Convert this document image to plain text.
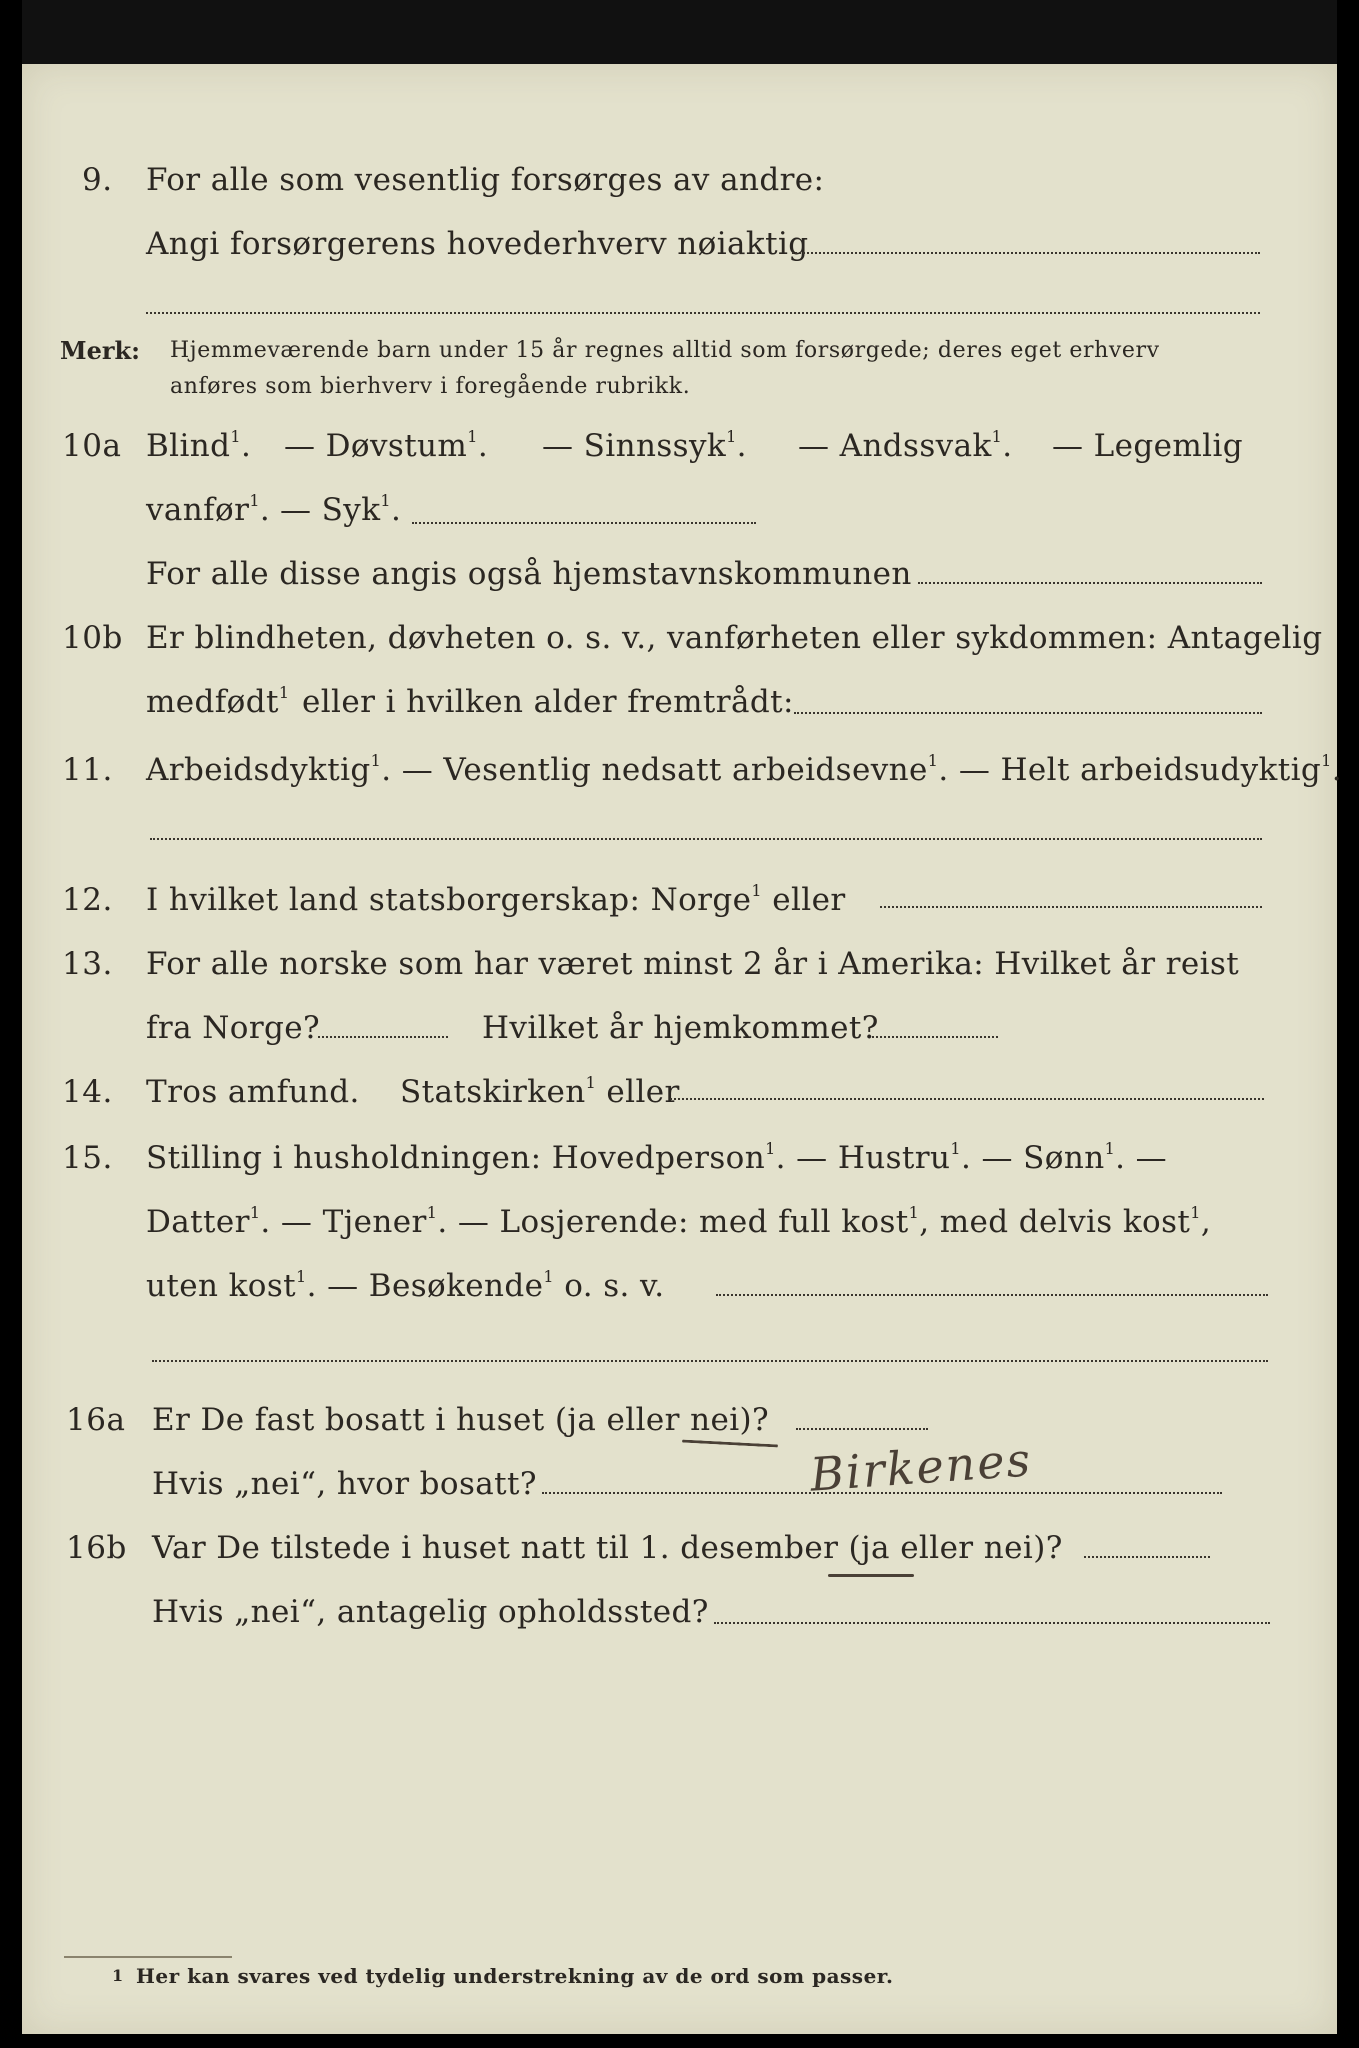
9. For alle som vesentlig forsørges av andre:
Angi forsørgerens hovederhverv nøiaktig
Merk: Hjemmeværende barn under 15 år regnes alltid som forsørgede; deres eget erhverv
anføres som bierhverv i foregående rubrikk.
10a Blind$^1$. — Døvstum$^1$. — Sinnssyk$^1$. — Andssvak$^1$. — Legemlig
vanfør$^1$. — Syk$^1$.
For alle disse angis også hjemstavnskommunen
10b Er blindheten, døvheten o. s. v., vanførheten eller sykdommen: Antagelig
medfødt$^1$ eller i hvilken alder fremtrådt:
11. Arbeidsdyktig$^1$. — Vesentlig nedsatt arbeidsevne$^1$. — Helt arbeidsudyktig$^1$.
12. I hvilket land statsborgerskap: Norge$^1$ eller
13. For alle norske som har været minst 2 år i Amerika: Hvilket år reist
fra Norge?	Hvilket år hjemkommet?
14. Tros amfund. Statskirken$^1$ eller
15. Stilling i husholdningen: Hovedperson$^1$. — Hustru$^1$. — Sønn$^1$. —
Datter$^1$. — Tjener$^1$. — Losjerende: med full kost$^1$, med delvis kost$^1$,
uten kost$^1$. — Besøkende$^1$ o. s. v.
16a Er De fast bosatt i huset (ja eller nei)?
Hvis „nei“, hvor bosatt?	Birkenes
16b Var De tilstede i huset natt til 1. desember (ja eller nei)?
Hvis „nei“, antagelig opholdssted?
1 Her kan svares ved tydelig understrekning av de ord som passer.
